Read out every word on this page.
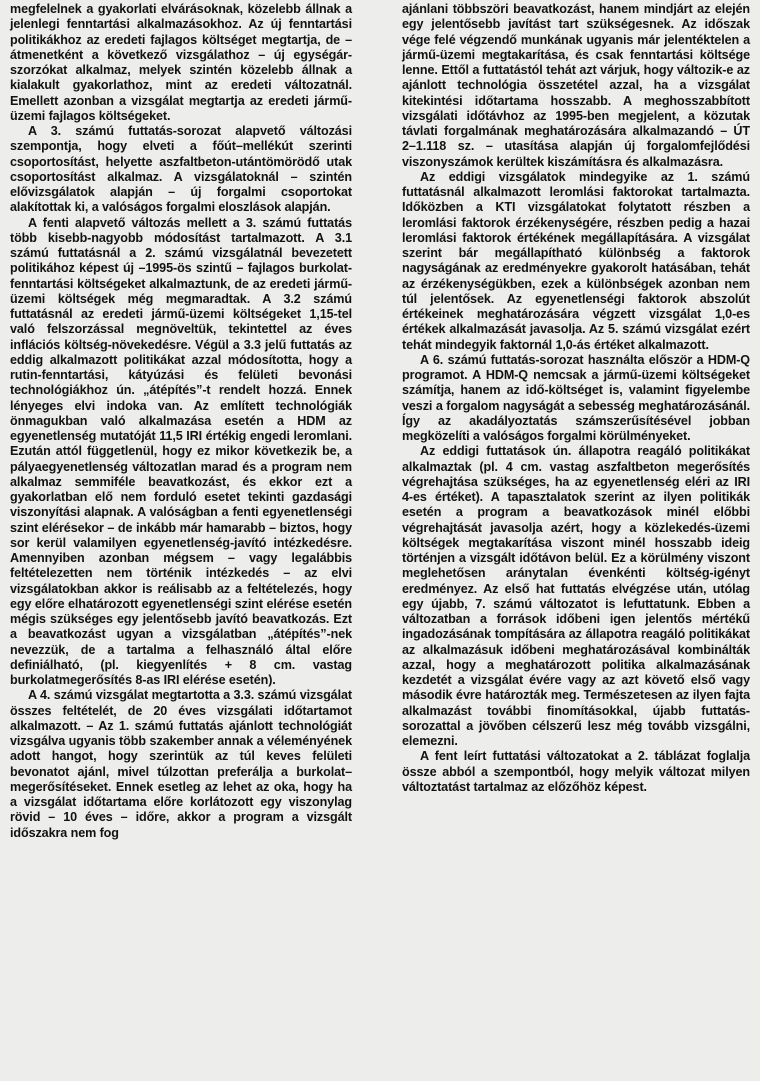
megfelelnek a gyakorlati elvárásoknak, közelebb állnak a jelenlegi fenntartási alkalmazásokhoz. Az új fenntartási politikákhoz az eredeti fajlagos költséget megtartja, de – átmenetként a következő vizsgálathoz – új egységár-szorzókat alkalmaz, melyek szintén közelebb állnak a kialakult gyakorlathoz, mint az eredeti változatnál. Emellett azonban a vizsgálat megtartja az eredeti jármű-üzemi fajlagos költségeket.

A 3. számú futtatás-sorozat alapvető változási szempontja, hogy elveti a főút–mellékút szerinti csoportosítást, helyette aszfaltbeton-utántömörödő utak csoportosítást alkalmaz. A vizsgálatoknál – szintén elővizsgálatok alapján – új forgalmi csoportokat alakítottak ki, a valóságos forgalmi eloszlások alapján.

A fenti alapvető változás mellett a 3. számú futtatás több kisebb-nagyobb módosítást tartalmazott. A 3.1 számú futtatásnál a 2. számú vizsgálatnál bevezetett politikához képest új –1995-ös szintű – fajlagos burkolat-fenntartási költségeket alkalmaztunk, de az eredeti jármű-üzemi költségek még megmaradtak. A 3.2 számú futtatásnál az eredeti jármű-üzemi költségeket 1,15-tel való felszorzással megnöveltük, tekintettel az éves inflációs költség-növekedésre. Végül a 3.3 jelű futtatás az eddig alkalmazott politikákat azzal módosította, hogy a rutin-fenntartási, kátyúzási és felületi bevonási technológiákhoz ún. „átépítés”-t rendelt hozzá. Ennek lényeges elvi indoka van. Az említett technológiák önmagukban való alkalmazása esetén a HDM az egyenetlenség mutatóját 11,5 IRI értékig engedi leromlani. Ezután attól függetlenül, hogy ez mikor következik be, a pályaegyenetlenség változatlan marad és a program nem alkalmaz semmiféle beavatkozást, és ekkor ezt a gyakorlatban elő nem forduló esetet tekinti gazdasági viszonyítási alapnak. A valóságban a fenti egyenetlenségi szint elérésekor – de inkább már hamarabb – biztos, hogy sor kerül valamilyen egyenetlenség-javító intézkedésre. Amennyiben azonban mégsem – vagy legalábbis feltételezetten nem történik intézkedés – az elvi vizsgálatokban akkor is reálisabb az a feltételezés, hogy egy előre elhatározott egyenetlenségi szint elérése esetén mégis szükséges egy jelentősebb javító beavatkozás. Ezt a beavatkozást ugyan a vizsgálatban „átépítés”-nek nevezzük, de a tartalma a felhasználó által előre definiálható, (pl. kiegyenlítés + 8 cm. vastag burkolatmegerősítés 8-as IRI elérése esetén).

A 4. számú vizsgálat megtartotta a 3.3. számú vizsgálat összes feltételét, de 20 éves vizsgálati időtartamot alkalmazott. – Az 1. számú futtatás ajánlott technológiát vizsgálva ugyanis több szakember annak a véleményének adott hangot, hogy szerintük az túl keves felületi bevonatot ajánl, mivel túlzottan preferálja a burkolat–megerősítéseket. Ennek esetleg az lehet az oka, hogy ha a vizsgálat időtartama előre korlátozott egy viszonylag rövid – 10 éves – időre, akkor a program a vizsgált időszakra nem fog

ajánlani többszöri beavatkozást, hanem mindjárt az elején egy jelentősebb javítást tart szükségesnek. Az időszak vége felé végzendő munkának ugyanis már jelentéktelen a jármű-üzemi megtakarítása, és csak fenntartási költsége lenne. Ettől a futtatástól tehát azt várjuk, hogy változik-e az ajánlott technológia összetétel azzal, ha a vizsgálat kitekintési időtartama hosszabb. A meghosszabbított vizsgálati időtávhoz az 1995-ben megjelent, a közutak távlati forgalmának meghatározására alkalmazandó – ÚT 2–1.118 sz. – utasítása alapján új forgalomfejlődési viszonyszámok kerültek kiszámításra és alkalmazásra.

Az eddigi vizsgálatok mindegyike az 1. számú futtatásnál alkalmazott leromlási faktorokat tartalmazta. Időközben a KTI vizsgálatokat folytatott részben a leromlási faktorok érzékenységére, részben pedig a hazai leromlási faktorok értékének megállapítására. A vizsgálat szerint bár megállapítható különbség a faktorok nagyságának az eredményekre gyakorolt hatásában, tehát az érzékenységükben, ezek a különbségek azonban nem túl jelentősek. Az egyenetlenségi faktorok abszolút értékeinek meghatározására végzett vizsgálat 1,0-es értékek alkalmazását javasolja. Az 5. számú vizsgálat ezért tehát mindegyik faktornál 1,0-ás értéket alkalmazott.

A 6. számú futtatás-sorozat használta először a HDM-Q programot. A HDM-Q nemcsak a jármű-üzemi költségeket számítja, hanem az idő-költséget is, valamint figyelembe veszi a forgalom nagyságát a sebesség meghatározásánál. Így az akadályoztatás számszerűsítésével jobban megközelíti a valóságos forgalmi körülményeket.

Az eddigi futtatások ún. állapotra reagáló politikákat alkalmaztak (pl. 4 cm. vastag aszfaltbeton megerősítés végrehajtása szükséges, ha az egyenetlenség eléri az IRI 4-es értéket). A tapasztalatok szerint az ilyen politikák esetén a program a beavatkozások minél előbbi végrehajtását javasolja azért, hogy a közlekedés-üzemi költségek megtakarítása viszont minél hosszabb ideig történjen a vizsgált időtávon belül. Ez a körülmény viszont meglehetősen aránytalan évenkénti költség-igényt eredményez. Az első hat futtatás elvégzése után, utólag egy újabb, 7. számú változatot is lefuttatunk. Ebben a változatban a források időbeni igen jelentős mértékű ingadozásának tompítására az állapotra reagáló politikákat az alkalmazásuk időbeni meghatározásával kombinálták azzal, hogy a meghatározott politika alkalmazásának kezdetét a vizsgálat évére vagy az azt követő első vagy második évre határozták meg. Természetesen az ilyen fajta alkalmazást további finomításokkal, újabb futtatás-sorozattal a jövőben célszerű lesz még tovább vizsgálni, elemezni.

A fent leírt futtatási változatokat a 2. táblázat foglalja össze abból a szempontból, hogy melyik változat milyen változtatást tartalmaz az előzőhöz képest.
